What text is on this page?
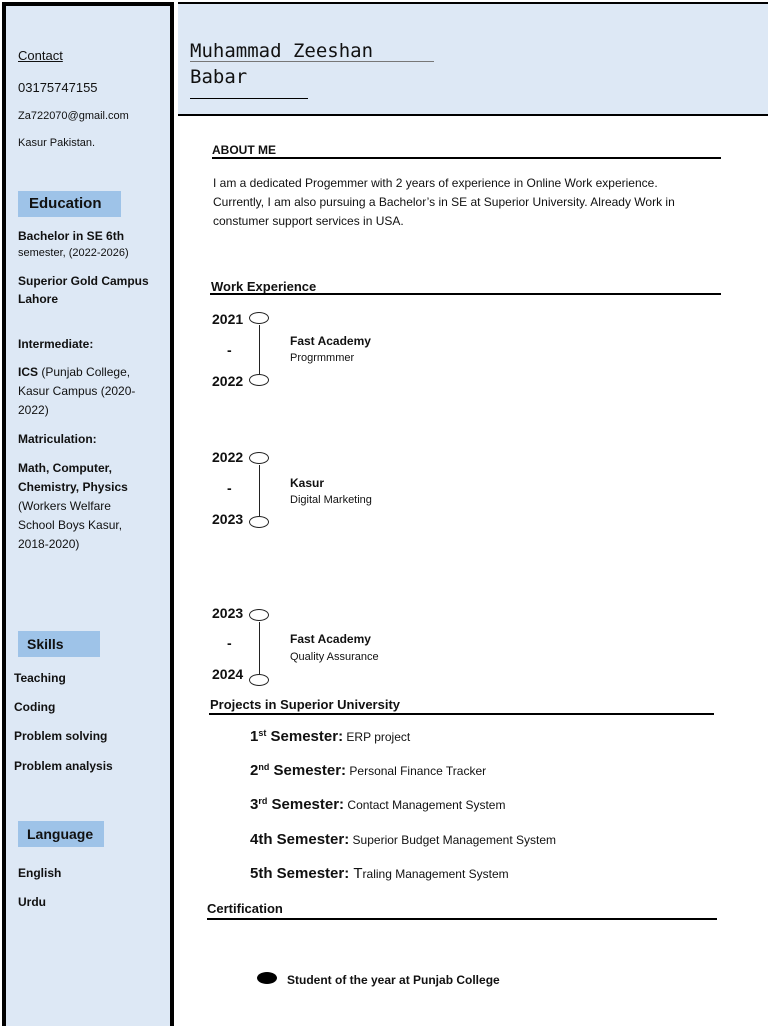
Contact
03175747155
Za722070@gmail.com
Kasur Pakistan.
Education
Bachelor in SE 6th
semester, (2022-2026)
Superior Gold Campus
Lahore
Intermediate:
ICS (Punjab College,
Kasur Campus (2020-
2022)
Matriculation:
Math, Computer,
Chemistry, Physics
(Workers Welfare
School Boys Kasur,
2018-2020)
Skills
Teaching
Coding
Problem solving
Problem analysis
Language
English
Urdu
Muhammad Zeeshan
Babar
ABOUT ME
I am a dedicated Progemmer with 2 years of experience in Online Work experience.
Currently, I am also pursuing a Bachelor’s in SE at Superior University. Already Work in
constumer support services in USA.
Work Experience
2021
-
2022
Fast Academy
Progrmmmer
2022
-
2023
Kasur
Digital Marketing
2023
-
2024
Fast Academy
Quality Assurance
Projects in Superior University
1st Semester: ERP project
2nd Semester: Personal Finance Tracker
3rd Semester: Contact Management System
4th Semester: Superior Budget Management System
5th Semester: Traling Management System
Certification
Student of the year at Punjab College
